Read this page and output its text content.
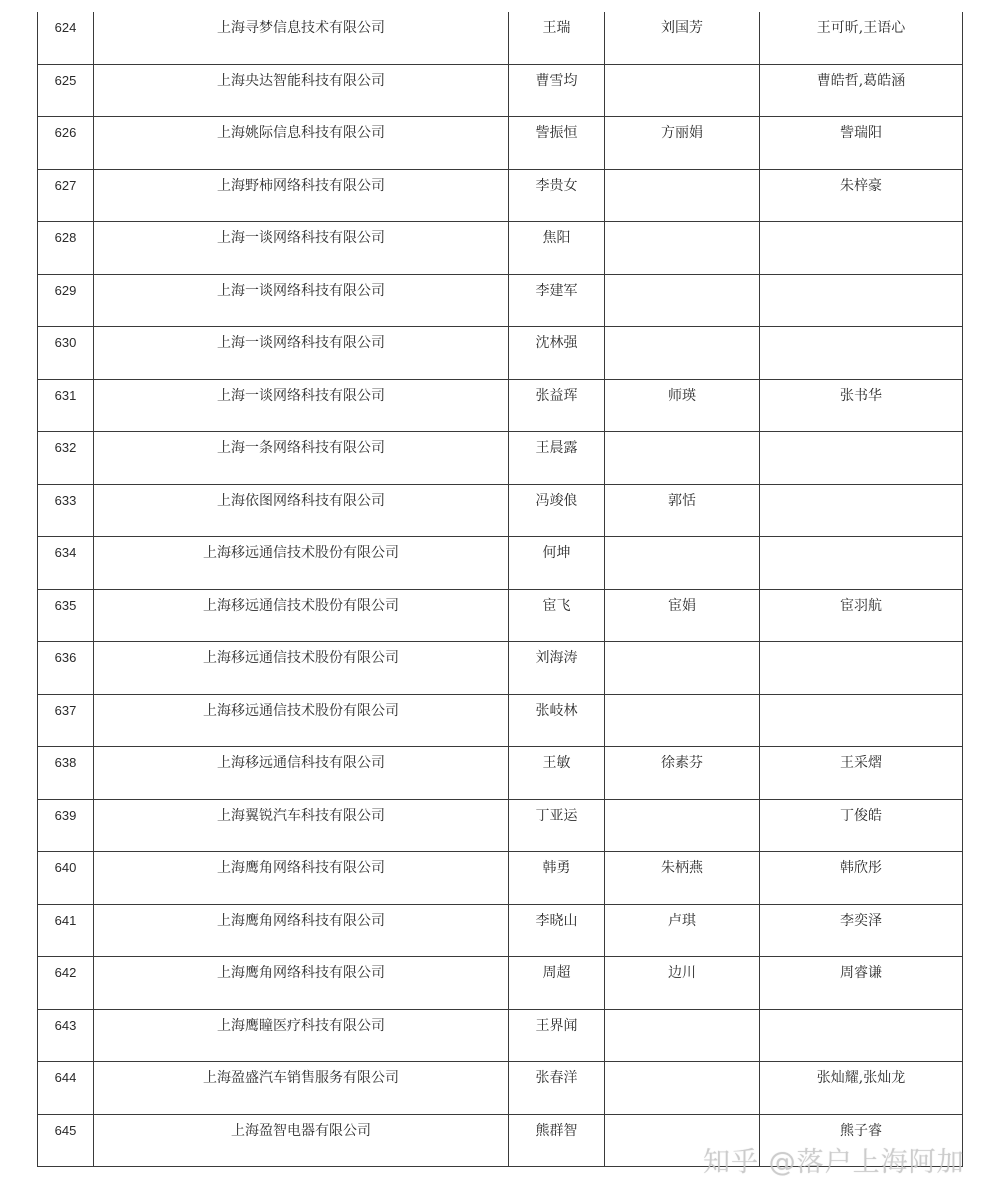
624	上海寻梦信息技术有限公司	王瑞	刘国芳	王可昕,王语心

625	上海央达智能科技有限公司	曹雪均		曹皓哲,葛皓涵

626	上海姚际信息科技有限公司	訾振恒	方丽娟	訾瑞阳

627	上海野柿网络科技有限公司	李贵女		朱梓豪

628	上海一谈网络科技有限公司	焦阳		

629	上海一谈网络科技有限公司	李建军		

630	上海一谈网络科技有限公司	沈林强		

631	上海一谈网络科技有限公司	张益珲	师瑛	张书华

632	上海一条网络科技有限公司	王晨露		

633	上海依图网络科技有限公司	冯竣俍	郭恬	

634	上海移远通信技术股份有限公司	何坤		

635	上海移远通信技术股份有限公司	宦飞	宦娟	宦羽航

636	上海移远通信技术股份有限公司	刘海涛		

637	上海移远通信技术股份有限公司	张岐林		

638	上海移远通信科技有限公司	王敏	徐素芬	王采熠

639	上海翼锐汽车科技有限公司	丁亚运		丁俊皓

640	上海鹰角网络科技有限公司	韩勇	朱柄燕	韩欣彤

641	上海鹰角网络科技有限公司	李晓山	卢琪	李奕泽

642	上海鹰角网络科技有限公司	周超	边川	周睿谦

643	上海鹰瞳医疗科技有限公司	王界闻		

644	上海盈盛汽车销售服务有限公司	张春洋		张灿耀,张灿龙

645	上海盈智电器有限公司	熊群智		熊子睿
知乎 @落户上海阿加
